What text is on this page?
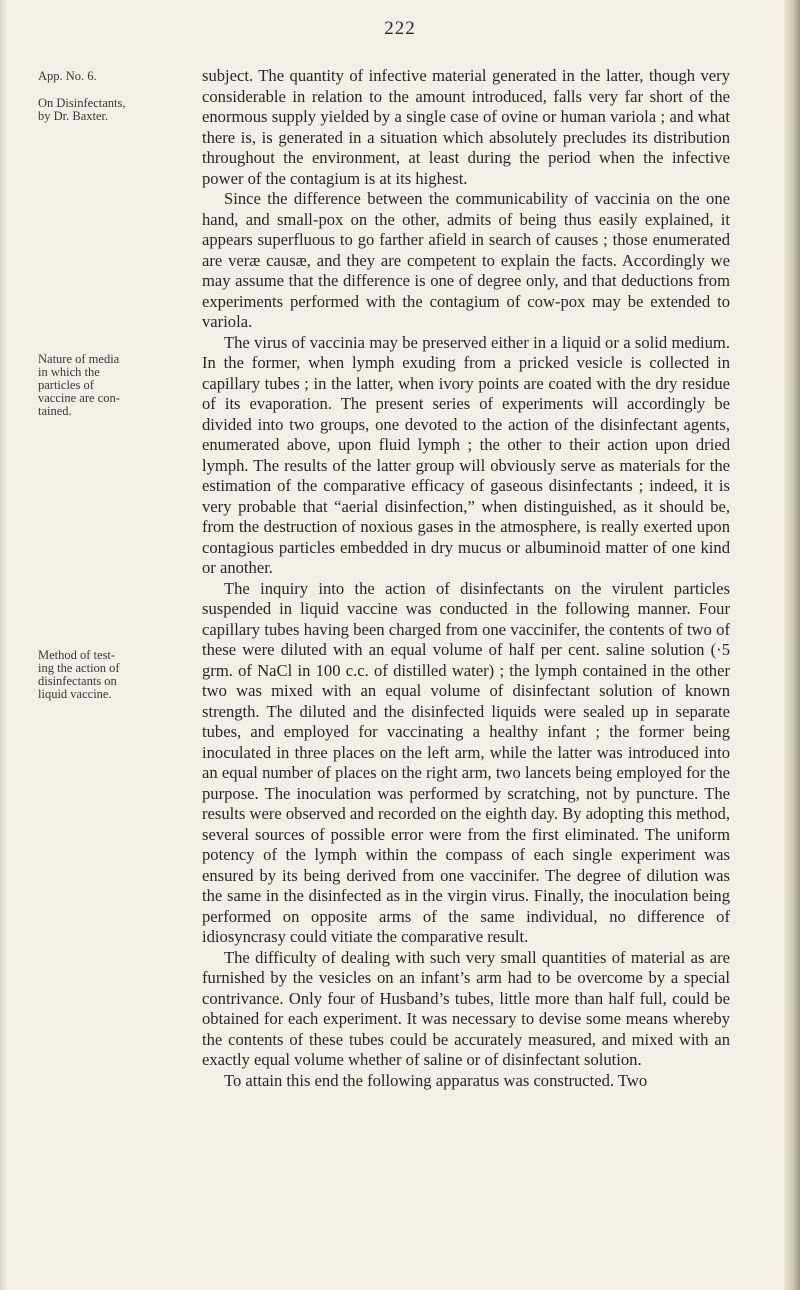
222
App. No. 6.
On Disinfectants,
by Dr. Baxter.
Nature of media
in which the
particles of
vaccine are con-
tained.
Method of test-
ing the action of
disinfectants on
liquid vaccine.

subject. The quantity of infective material generated in the latter, though very considerable in relation to the amount introduced, falls very far short of the enormous supply yielded by a single case of ovine or human variola ; and what there is, is generated in a situation which absolutely precludes its distribution throughout the environment, at least during the period when the infective power of the contagium is at its highest.

Since the difference between the communicability of vaccinia on the one hand, and small-pox on the other, admits of being thus easily explained, it appears superfluous to go farther afield in search of causes ; those enumerated are veræ causæ, and they are competent to explain the facts. Accordingly we may assume that the difference is one of degree only, and that deductions from experiments performed with the contagium of cow-pox may be extended to variola.

The virus of vaccinia may be preserved either in a liquid or a solid medium. In the former, when lymph exuding from a pricked vesicle is collected in capillary tubes ; in the latter, when ivory points are coated with the dry residue of its evaporation. The present series of experiments will accordingly be divided into two groups, one devoted to the action of the disinfectant agents, enumerated above, upon fluid lymph ; the other to their action upon dried lymph. The results of the latter group will obviously serve as materials for the estimation of the comparative efficacy of gaseous disinfectants ; indeed, it is very probable that “aerial disinfection,” when distinguished, as it should be, from the destruction of noxious gases in the atmosphere, is really exerted upon contagious particles embedded in dry mucus or albuminoid matter of one kind or another.

The inquiry into the action of disinfectants on the virulent particles suspended in liquid vaccine was conducted in the following manner. Four capillary tubes having been charged from one vaccinifer, the contents of two of these were diluted with an equal volume of half per cent. saline solution (·5 grm. of NaCl in 100 c.c. of distilled water) ; the lymph contained in the other two was mixed with an equal volume of disinfectant solution of known strength. The diluted and the disinfected liquids were sealed up in separate tubes, and employed for vaccinating a healthy infant ; the former being inoculated in three places on the left arm, while the latter was introduced into an equal number of places on the right arm, two lancets being employed for the purpose. The inoculation was performed by scratching, not by puncture. The results were observed and recorded on the eighth day. By adopting this method, several sources of possible error were from the first eliminated. The uniform potency of the lymph within the compass of each single experiment was ensured by its being derived from one vaccinifer. The degree of dilution was the same in the disinfected as in the virgin virus. Finally, the inoculation being performed on opposite arms of the same individual, no difference of idiosyncrasy could vitiate the comparative result.

The difficulty of dealing with such very small quantities of material as are furnished by the vesicles on an infant’s arm had to be overcome by a special contrivance. Only four of Husband’s tubes, little more than half full, could be obtained for each experiment. It was necessary to devise some means whereby the contents of these tubes could be accurately measured, and mixed with an exactly equal volume whether of saline or of disinfectant solution.

To attain this end the following apparatus was constructed. Two
